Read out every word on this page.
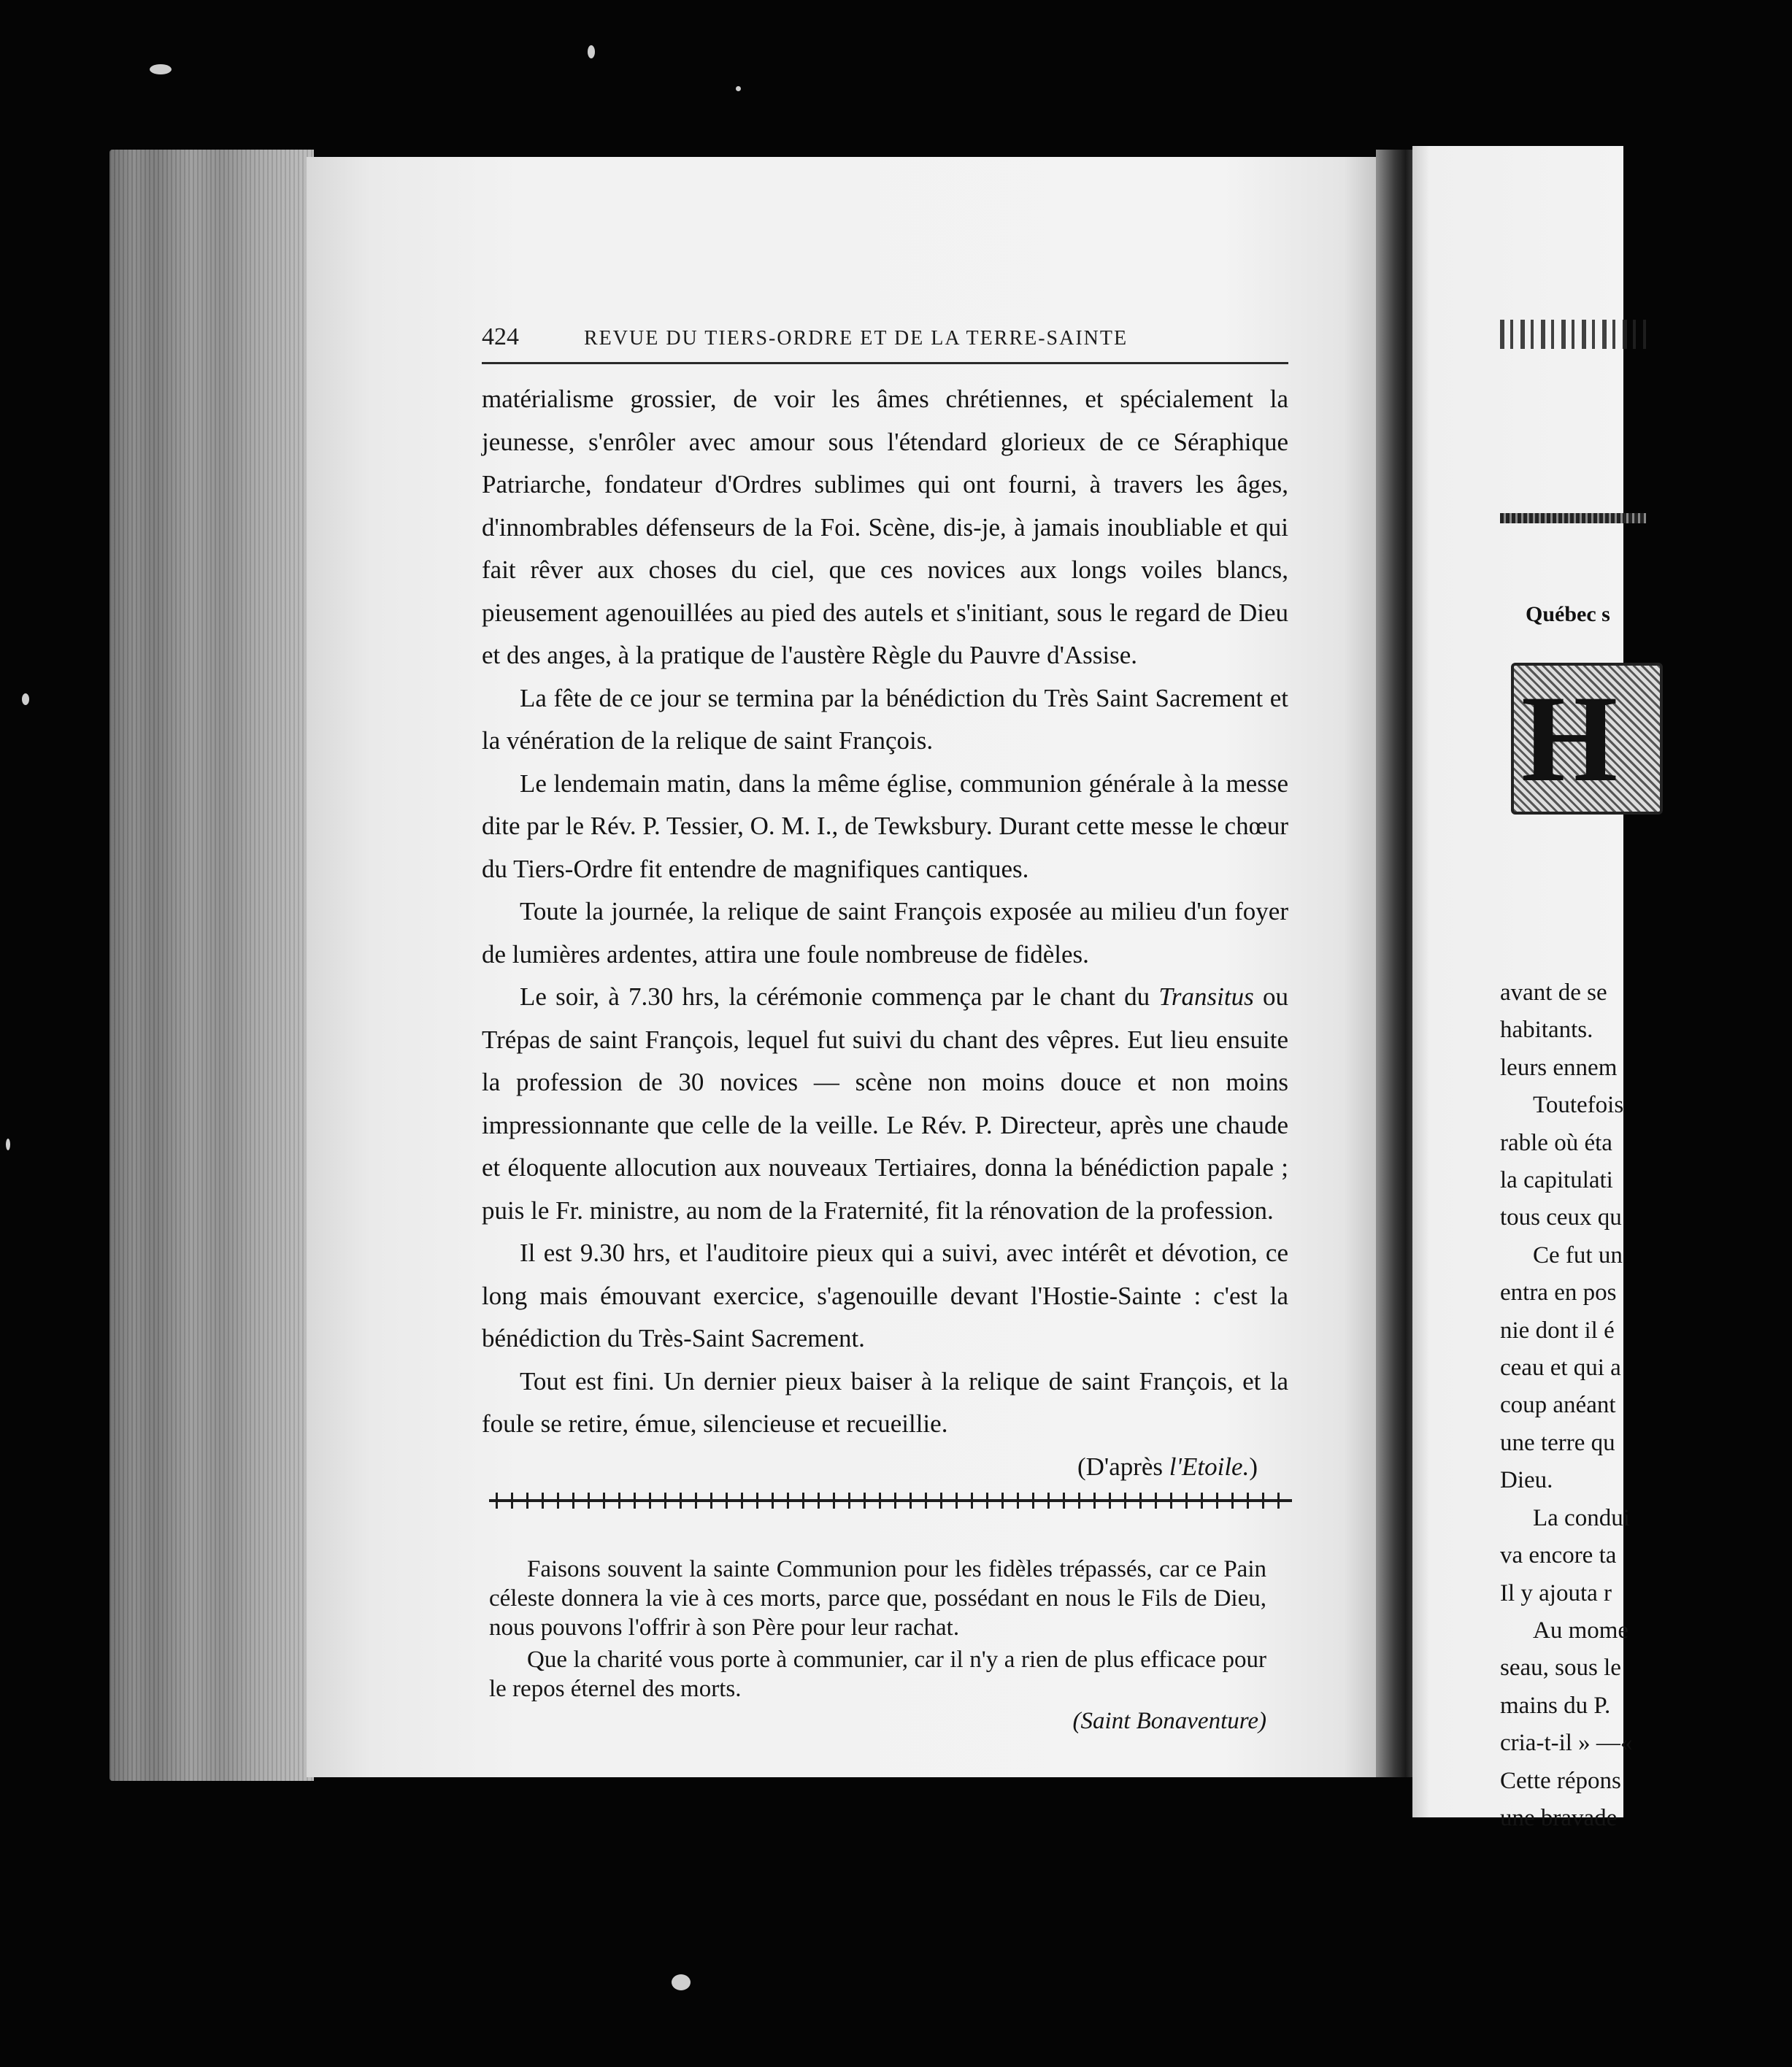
424	REVUE DU TIERS-ORDRE ET DE LA TERRE-SAINTE

matérialisme grossier, de voir les âmes chrétiennes, et spécialement la jeunesse, s'enrôler avec amour sous l'étendard glorieux de ce Séraphique Patriarche, fondateur d'Ordres sublimes qui ont fourni, à travers les âges, d'innombrables défenseurs de la Foi. Scène, dis-je, à jamais inoubliable et qui fait rêver aux choses du ciel, que ces novices aux longs voiles blancs, pieusement agenouillées au pied des autels et s'initiant, sous le regard de Dieu et des anges, à la pratique de l'austère Règle du Pauvre d'Assise.

La fête de ce jour se termina par la bénédiction du Très Saint Sacrement et la vénération de la relique de saint François.

Le lendemain matin, dans la même église, communion générale à la messe dite par le Rév. P. Tessier, O. M. I., de Tewksbury. Durant cette messe le chœur du Tiers-Ordre fit entendre de magnifiques cantiques.

Toute la journée, la relique de saint François exposée au milieu d'un foyer de lumières ardentes, attira une foule nombreuse de fidèles.

Le soir, à 7.30 hrs, la cérémonie commença par le chant du Transitus ou Trépas de saint François, lequel fut suivi du chant des vêpres. Eut lieu ensuite la profession de 30 novices — scène non moins douce et non moins impressionnante que celle de la veille. Le Rév. P. Directeur, après une chaude et éloquente allocution aux nouveaux Tertiaires, donna la bénédiction papale ; puis le Fr. ministre, au nom de la Fraternité, fit la rénovation de la profession.

Il est 9.30 hrs, et l'auditoire pieux qui a suivi, avec intérêt et dévotion, ce long mais émouvant exercice, s'agenouille devant l'Hostie-Sainte : c'est la bénédiction du Très-Saint Sacrement.

Tout est fini. Un dernier pieux baiser à la relique de saint François, et la foule se retire, émue, silencieuse et recueillie.

(D'après l'Etoile.)

Faisons souvent la sainte Communion pour les fidèles trépassés, car ce Pain céleste donnera la vie à ces morts, parce que, possédant en nous le Fils de Dieu, nous pouvons l'offrir à son Père pour leur rachat.

Que la charité vous porte à communier, car il n'y a rien de plus efficace pour le repos éternel des morts.

(Saint Bonaventure)

Québec s
H
avant de se
habitants.
leurs ennem
Toutefois
rable où éta
la capitulati
tous ceux qu
Ce fut un
entra en pos
nie dont il é
ceau et qui a
coup anéant
une terre qu
Dieu.
La condui
va encore ta
Il y ajouta r
Au mome
seau, sous le
mains du P.
cria-t-il » —«
Cette répons
une bravade
